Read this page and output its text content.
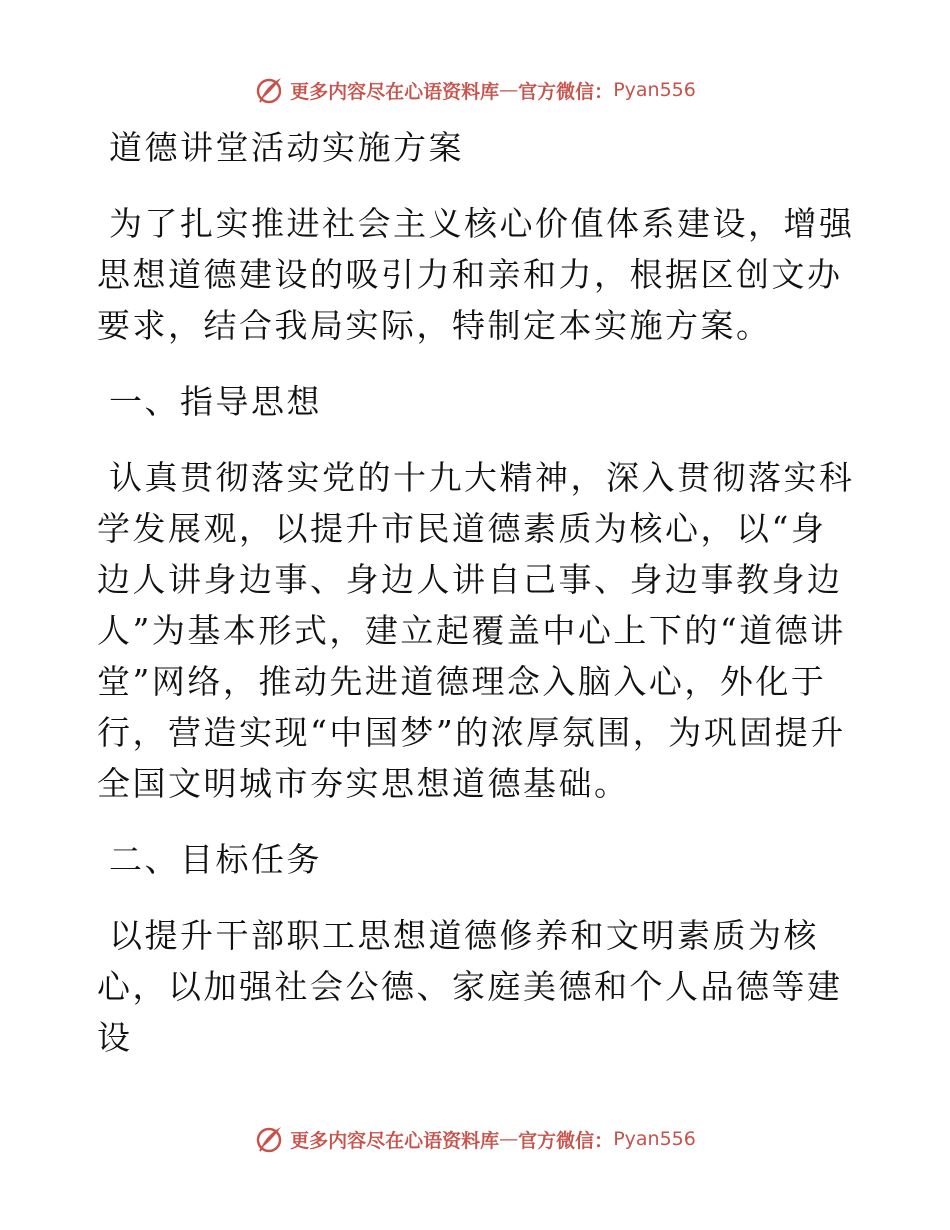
更多内容尽在心语资料库 — 官方微信： Pyan556

道德讲堂活动实施方案

为了扎实推进社会主义核心价值体系建设，增强思想道德建设的吸引力和亲和力，根据区创文办要求，结合我局实际，特制定本实施方案。

一、指导思想

认真贯彻落实党的十九大精神，深入贯彻落实科学发展观，以提升市民道德素质为核心，以“身边人讲身边事、身边人讲自己事、身边事教身边人”为基本形式，建立起覆盖中心上下的“道德讲堂”网络，推动先进道德理念入脑入心，外化于行，营造实现“中国梦”的浓厚氛围，为巩固提升全国文明城市夯实思想道德基础。

二、目标任务

以提升干部职工思想道德修养和文明素质为核心，以加强社会公德、家庭美德和个人品德等建设

更多内容尽在心语资料库 — 官方微信： Pyan556
